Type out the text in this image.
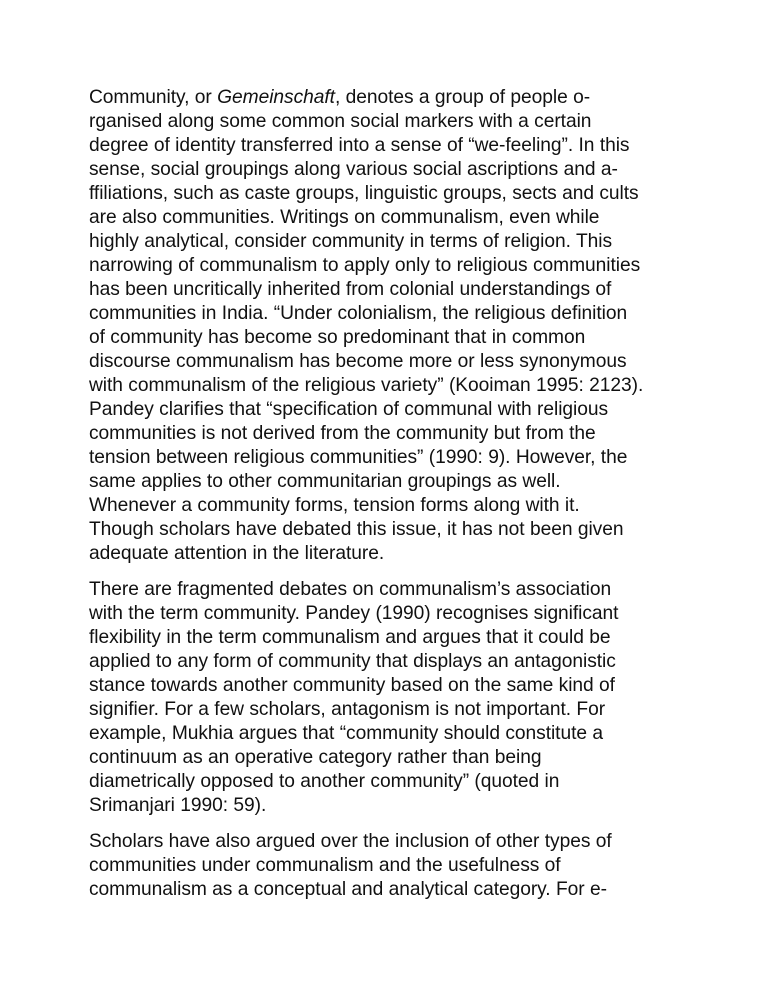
Community, or Gemeinschaft, denotes a group of people o-
rganised along some common social markers with a certain
degree of identity transferred into a sense of “we-feeling”. In this
sense, social groupings along various social ascriptions and a-
ffiliations, such as caste groups, linguistic groups, sects and cults
are also communities. Writings on communalism, even while
highly analytical, consider community in terms of religion. This
narrowing of communalism to apply only to religious communities
has been uncritically inherited from colonial understandings of
communities in India. “Under colonialism, the religious definition
of community has become so predominant that in common
discourse communalism has become more or less synonymous
with communalism of the religious variety” (Kooiman 1995: 2123).
Pandey clarifies that “specification of communal with religious
communities is not derived from the community but from the
tension between religious communities” (1990: 9). However, the
same applies to other communitarian groupings as well.
Whenever a community forms, tension forms along with it.
Though scholars have debated this issue, it has not been given
adequate attention in the literature.

There are fragmented debates on communalism’s association
with the term community. Pandey (1990) recognises significant
flexibility in the term communalism and argues that it could be
applied to any form of community that displays an antagonistic
stance towards another community based on the same kind of
signifier. For a few scholars, antagonism is not important. For
example, Mukhia argues that “community should constitute a
continuum as an operative category rather than being
diametrically opposed to another community” (quoted in
Srimanjari 1990: 59).

Scholars have also argued over the inclusion of other types of
communities under communalism and the usefulness of
communalism as a conceptual and analytical category. For e-
